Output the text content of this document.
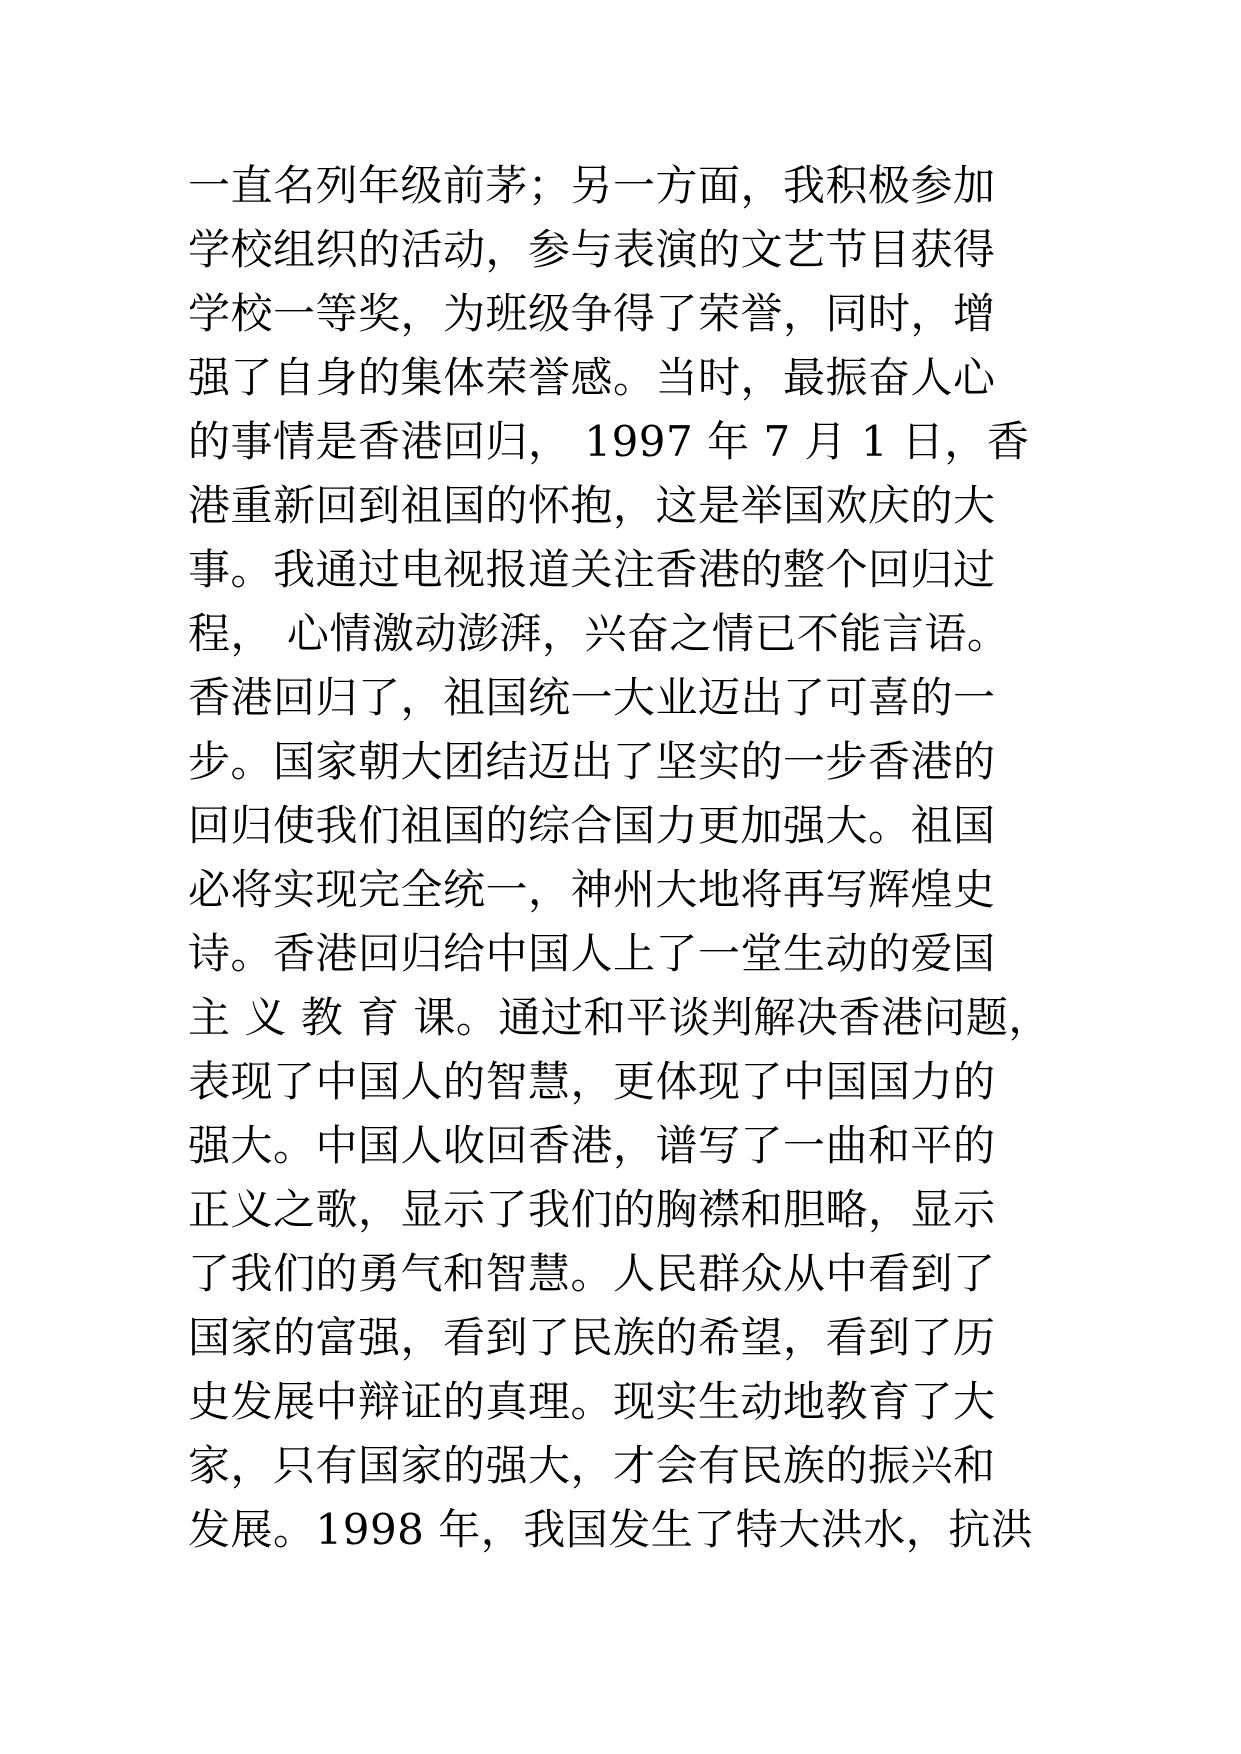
一直名列年级前茅；另一方面，我积极参加
学校组织的活动，参与表演的文艺节目获得
学校一等奖，为班级争得了荣誉，同时，增
强了自身的集体荣誉感。当时，最振奋人心
的事情是香港回归， 1997 年 7 月 1 日，香
港重新回到祖国的怀抱，这是举国欢庆的大
事。我通过电视报道关注香港的整个回归过
程， 心情激动澎湃，兴奋之情已不能言语。
香港回归了，祖国统一大业迈出了可喜的一
步。国家朝大团结迈出了坚实的一步香港的
回归使我们祖国的综合国力更加强大。祖国
必将实现完全统一，神州大地将再写辉煌史
诗。香港回归给中国人上了一堂生动的爱国
主 义 教 育 课。通过和平谈判解决香港问题，
表现了中国人的智慧，更体现了中国国力的
强大。中国人收回香港，谱写了一曲和平的
正义之歌，显示了我们的胸襟和胆略，显示
了我们的勇气和智慧。人民群众从中看到了
国家的富强，看到了民族的希望，看到了历
史发展中辩证的真理。现实生动地教育了大
家，只有国家的强大，才会有民族的振兴和
发展。1998 年，我国发生了特大洪水，抗洪
